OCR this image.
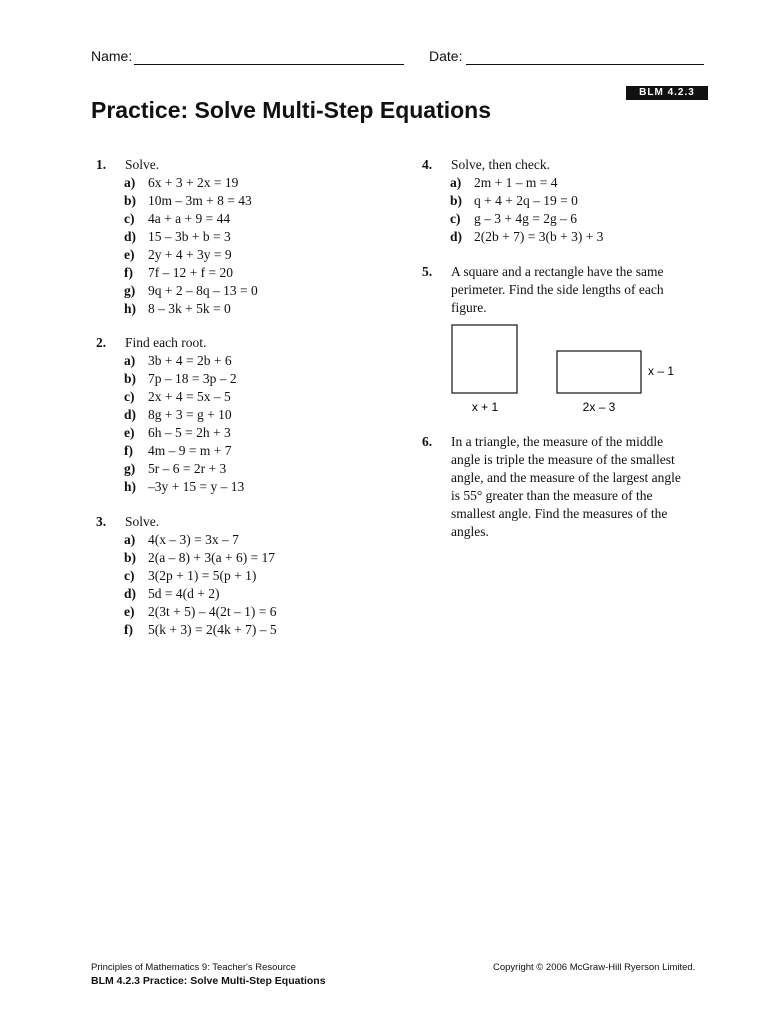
Name:	Date:
BLM 4.2.3
Practice: Solve Multi-Step Equations
1. Solve.
a) 6x + 3 + 2x = 19
b) 10m – 3m + 8 = 43
c) 4a + a + 9 = 44
d) 15 – 3b + b = 3
e) 2y + 4 + 3y = 9
f) 7f – 12 + f = 20
g) 9q + 2 – 8q – 13 = 0
h) 8 – 3k + 5k = 0
2. Find each root.
a) 3b + 4 = 2b + 6
b) 7p – 18 = 3p – 2
c) 2x + 4 = 5x – 5
d) 8g + 3 = g + 10
e) 6h – 5 = 2h + 3
f) 4m – 9 = m + 7
g) 5r – 6 = 2r + 3
h) –3y + 15 = y – 13
3. Solve.
a) 4(x – 3) = 3x – 7
b) 2(a – 8) + 3(a + 6) = 17
c) 3(2p + 1) = 5(p + 1)
d) 5d = 4(d + 2)
e) 2(3t + 5) – 4(2t – 1) = 6
f) 5(k + 3) = 2(4k + 7) – 5
4. Solve, then check.
a) 2m + 1 – m = 4
b) q + 4 + 2q – 19 = 0
c) g – 3 + 4g = 2g – 6
d) 2(2b + 7) = 3(b + 3) + 3
5. A square and a rectangle have the same
perimeter. Find the side lengths of each
figure.
x + 1	2x – 3
x – 1
6. In a triangle, the measure of the middle
angle is triple the measure of the smallest
angle, and the measure of the largest angle
is 55° greater than the measure of the
smallest angle. Find the measures of the
angles.
Principles of Mathematics 9: Teacher's Resource	Copyright © 2006 McGraw-Hill Ryerson Limited.
BLM 4.2.3 Practice: Solve Multi-Step Equations
